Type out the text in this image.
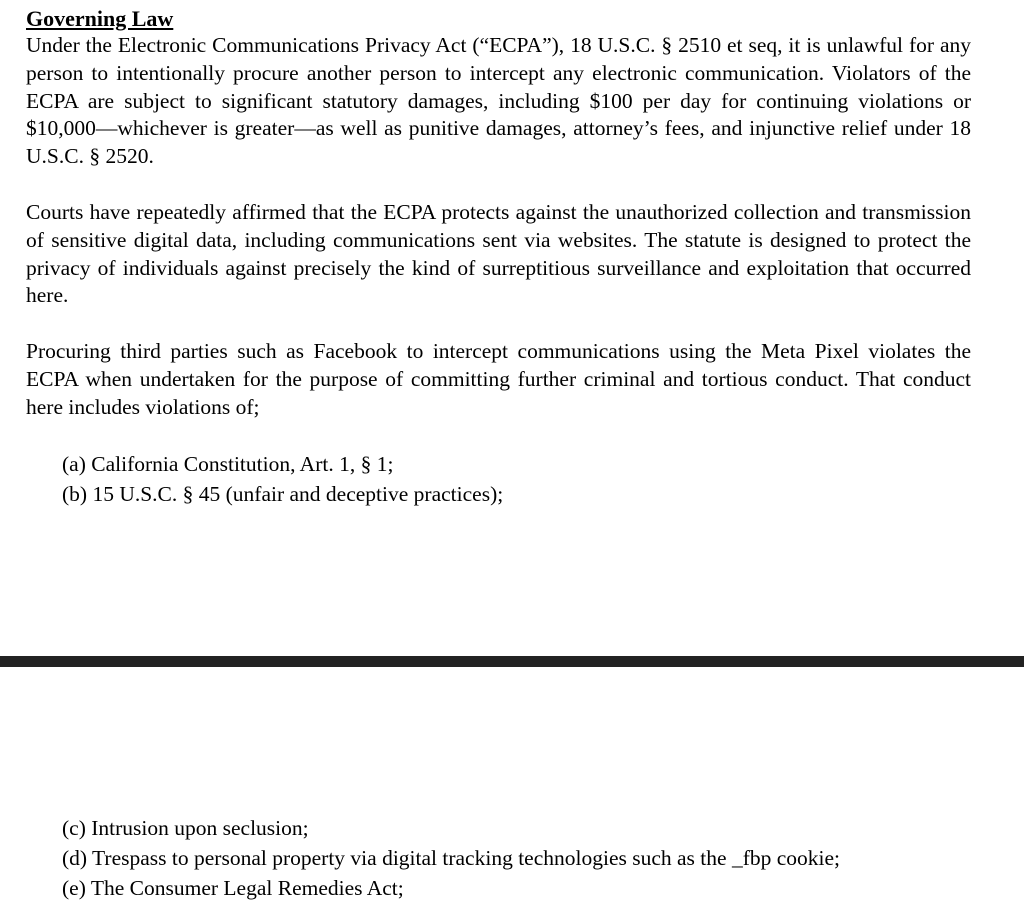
Governing Law

Under the Electronic Communications Privacy Act (“ECPA”), 18 U.S.C. § 2510 et seq, it is unlawful for any person to intentionally procure another person to intercept any electronic communication. Violators of the ECPA are subject to significant statutory damages, including $100 per day for continuing violations or $10,000—whichever is greater—as well as punitive damages, attorney’s fees, and injunctive relief under 18 U.S.C. § 2520.

Courts have repeatedly affirmed that the ECPA protects against the unauthorized collection and transmission of sensitive digital data, including communications sent via websites. The statute is designed to protect the privacy of individuals against precisely the kind of surreptitious surveillance and exploitation that occurred here.

Procuring third parties such as Facebook to intercept communications using the Meta Pixel violates the ECPA when undertaken for the purpose of committing further criminal and tortious conduct. That conduct here includes violations of;

(a) California Constitution, Art. 1, § 1;
(b) 15 U.S.C. § 45 (unfair and deceptive practices);
(c) Intrusion upon seclusion;
(d) Trespass to personal property via digital tracking technologies such as the _fbp cookie;
(e) The Consumer Legal Remedies Act;
